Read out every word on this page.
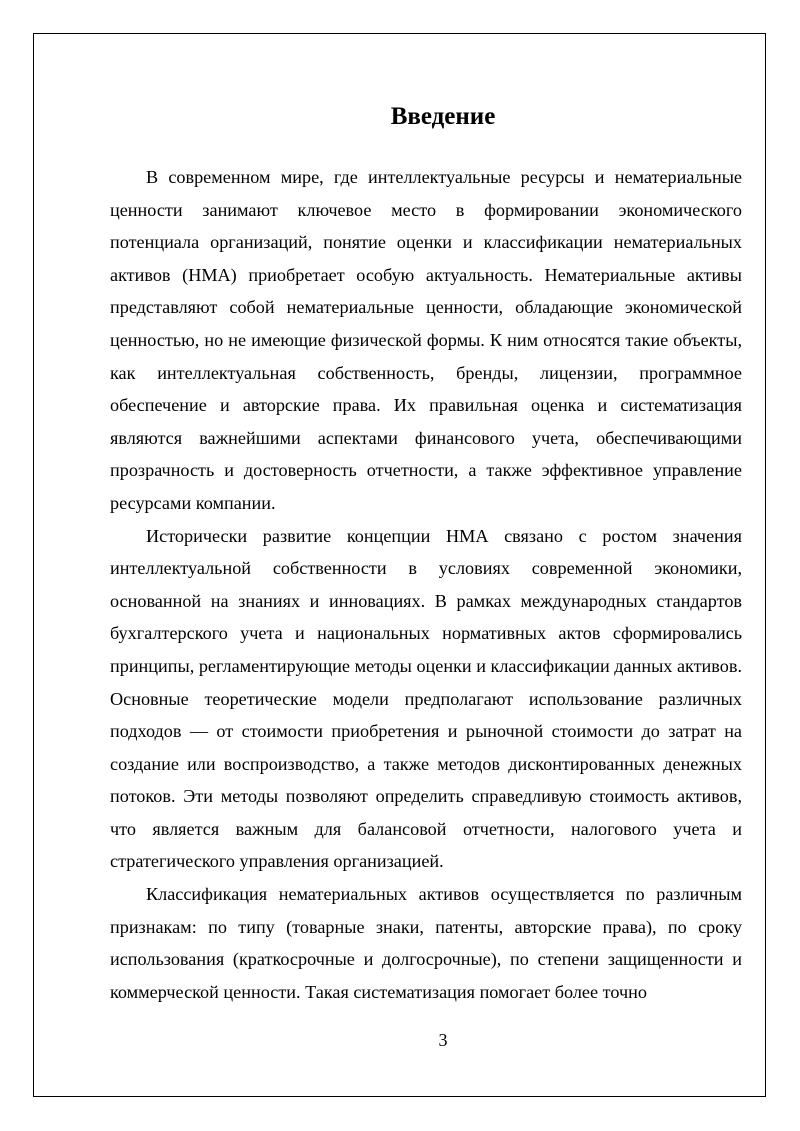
Введение

В современном мире, где интеллектуальные ресурсы и нематериальные ценности занимают ключевое место в формировании экономического потенциала организаций, понятие оценки и классификации нематериальных активов (НМА) приобретает особую актуальность. Нематериальные активы представляют собой нематериальные ценности, обладающие экономической ценностью, но не имеющие физической формы. К ним относятся такие объекты, как интеллектуальная собственность, бренды, лицензии, программное обеспечение и авторские права. Их правильная оценка и систематизация являются важнейшими аспектами финансового учета, обеспечивающими прозрачность и достоверность отчетности, а также эффективное управление ресурсами компании.

Исторически развитие концепции НМА связано с ростом значения интеллектуальной собственности в условиях современной экономики, основанной на знаниях и инновациях. В рамках международных стандартов бухгалтерского учета и национальных нормативных актов сформировались принципы, регламентирующие методы оценки и классификации данных активов. Основные теоретические модели предполагают использование различных подходов — от стоимости приобретения и рыночной стоимости до затрат на создание или воспроизводство, а также методов дисконтированных денежных потоков. Эти методы позволяют определить справедливую стоимость активов, что является важным для балансовой отчетности, налогового учета и стратегического управления организацией.

Классификация нематериальных активов осуществляется по различным признакам: по типу (товарные знаки, патенты, авторские права), по сроку использования (краткосрочные и долгосрочные), по степени защищенности и коммерческой ценности. Такая систематизация помогает более точно

3
